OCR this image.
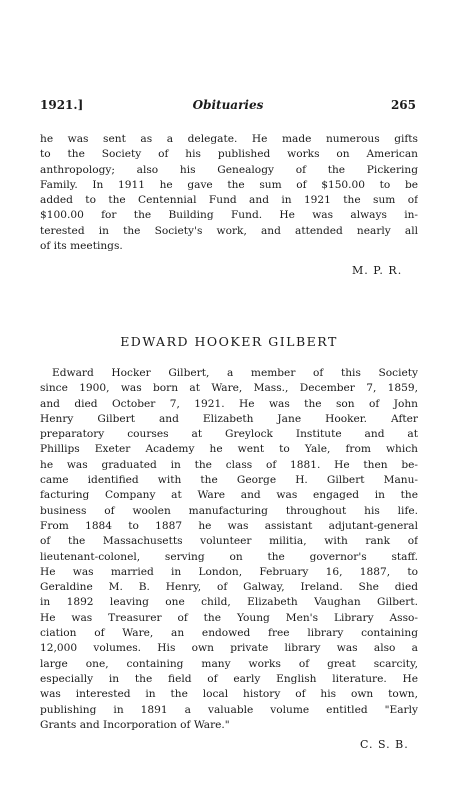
1921.]	Obituaries	265
he was sent as a delegate. He made numerous gifts
to the Society of his published works on American
anthropology; also his Genealogy of the Pickering
Family. In 1911 he gave the sum of $150.00 to be
added to the Centennial Fund and in 1921 the sum of
$100.00 for the Building Fund. He was always in-
terested in the Society's work, and attended nearly all
of its meetings.
M. P. R.
EDWARD HOOKER GILBERT
Edward Hocker Gilbert, a member of this Society
since 1900, was born at Ware, Mass., December 7, 1859,
and died October 7, 1921. He was the son of John
Henry Gilbert and Elizabeth Jane Hooker. After
preparatory courses at Greylock Institute and at
Phillips Exeter Academy he went to Yale, from which
he was graduated in the class of 1881. He then be-
came identified with the George H. Gilbert Manu-
facturing Company at Ware and was engaged in the
business of woolen manufacturing throughout his life.
From 1884 to 1887 he was assistant adjutant-general
of the Massachusetts volunteer militia, with rank of
lieutenant-colonel, serving on the governor's staff.
He was married in London, February 16, 1887, to
Geraldine M. B. Henry, of Galway, Ireland. She died
in 1892 leaving one child, Elizabeth Vaughan Gilbert.
He was Treasurer of the Young Men's Library Asso-
ciation of Ware, an endowed free library containing
12,000 volumes. His own private library was also a
large one, containing many works of great scarcity,
especially in the field of early English literature. He
was interested in the local history of his own town,
publishing in 1891 a valuable volume entitled "Early
Grants and Incorporation of Ware."
C. S. B.
